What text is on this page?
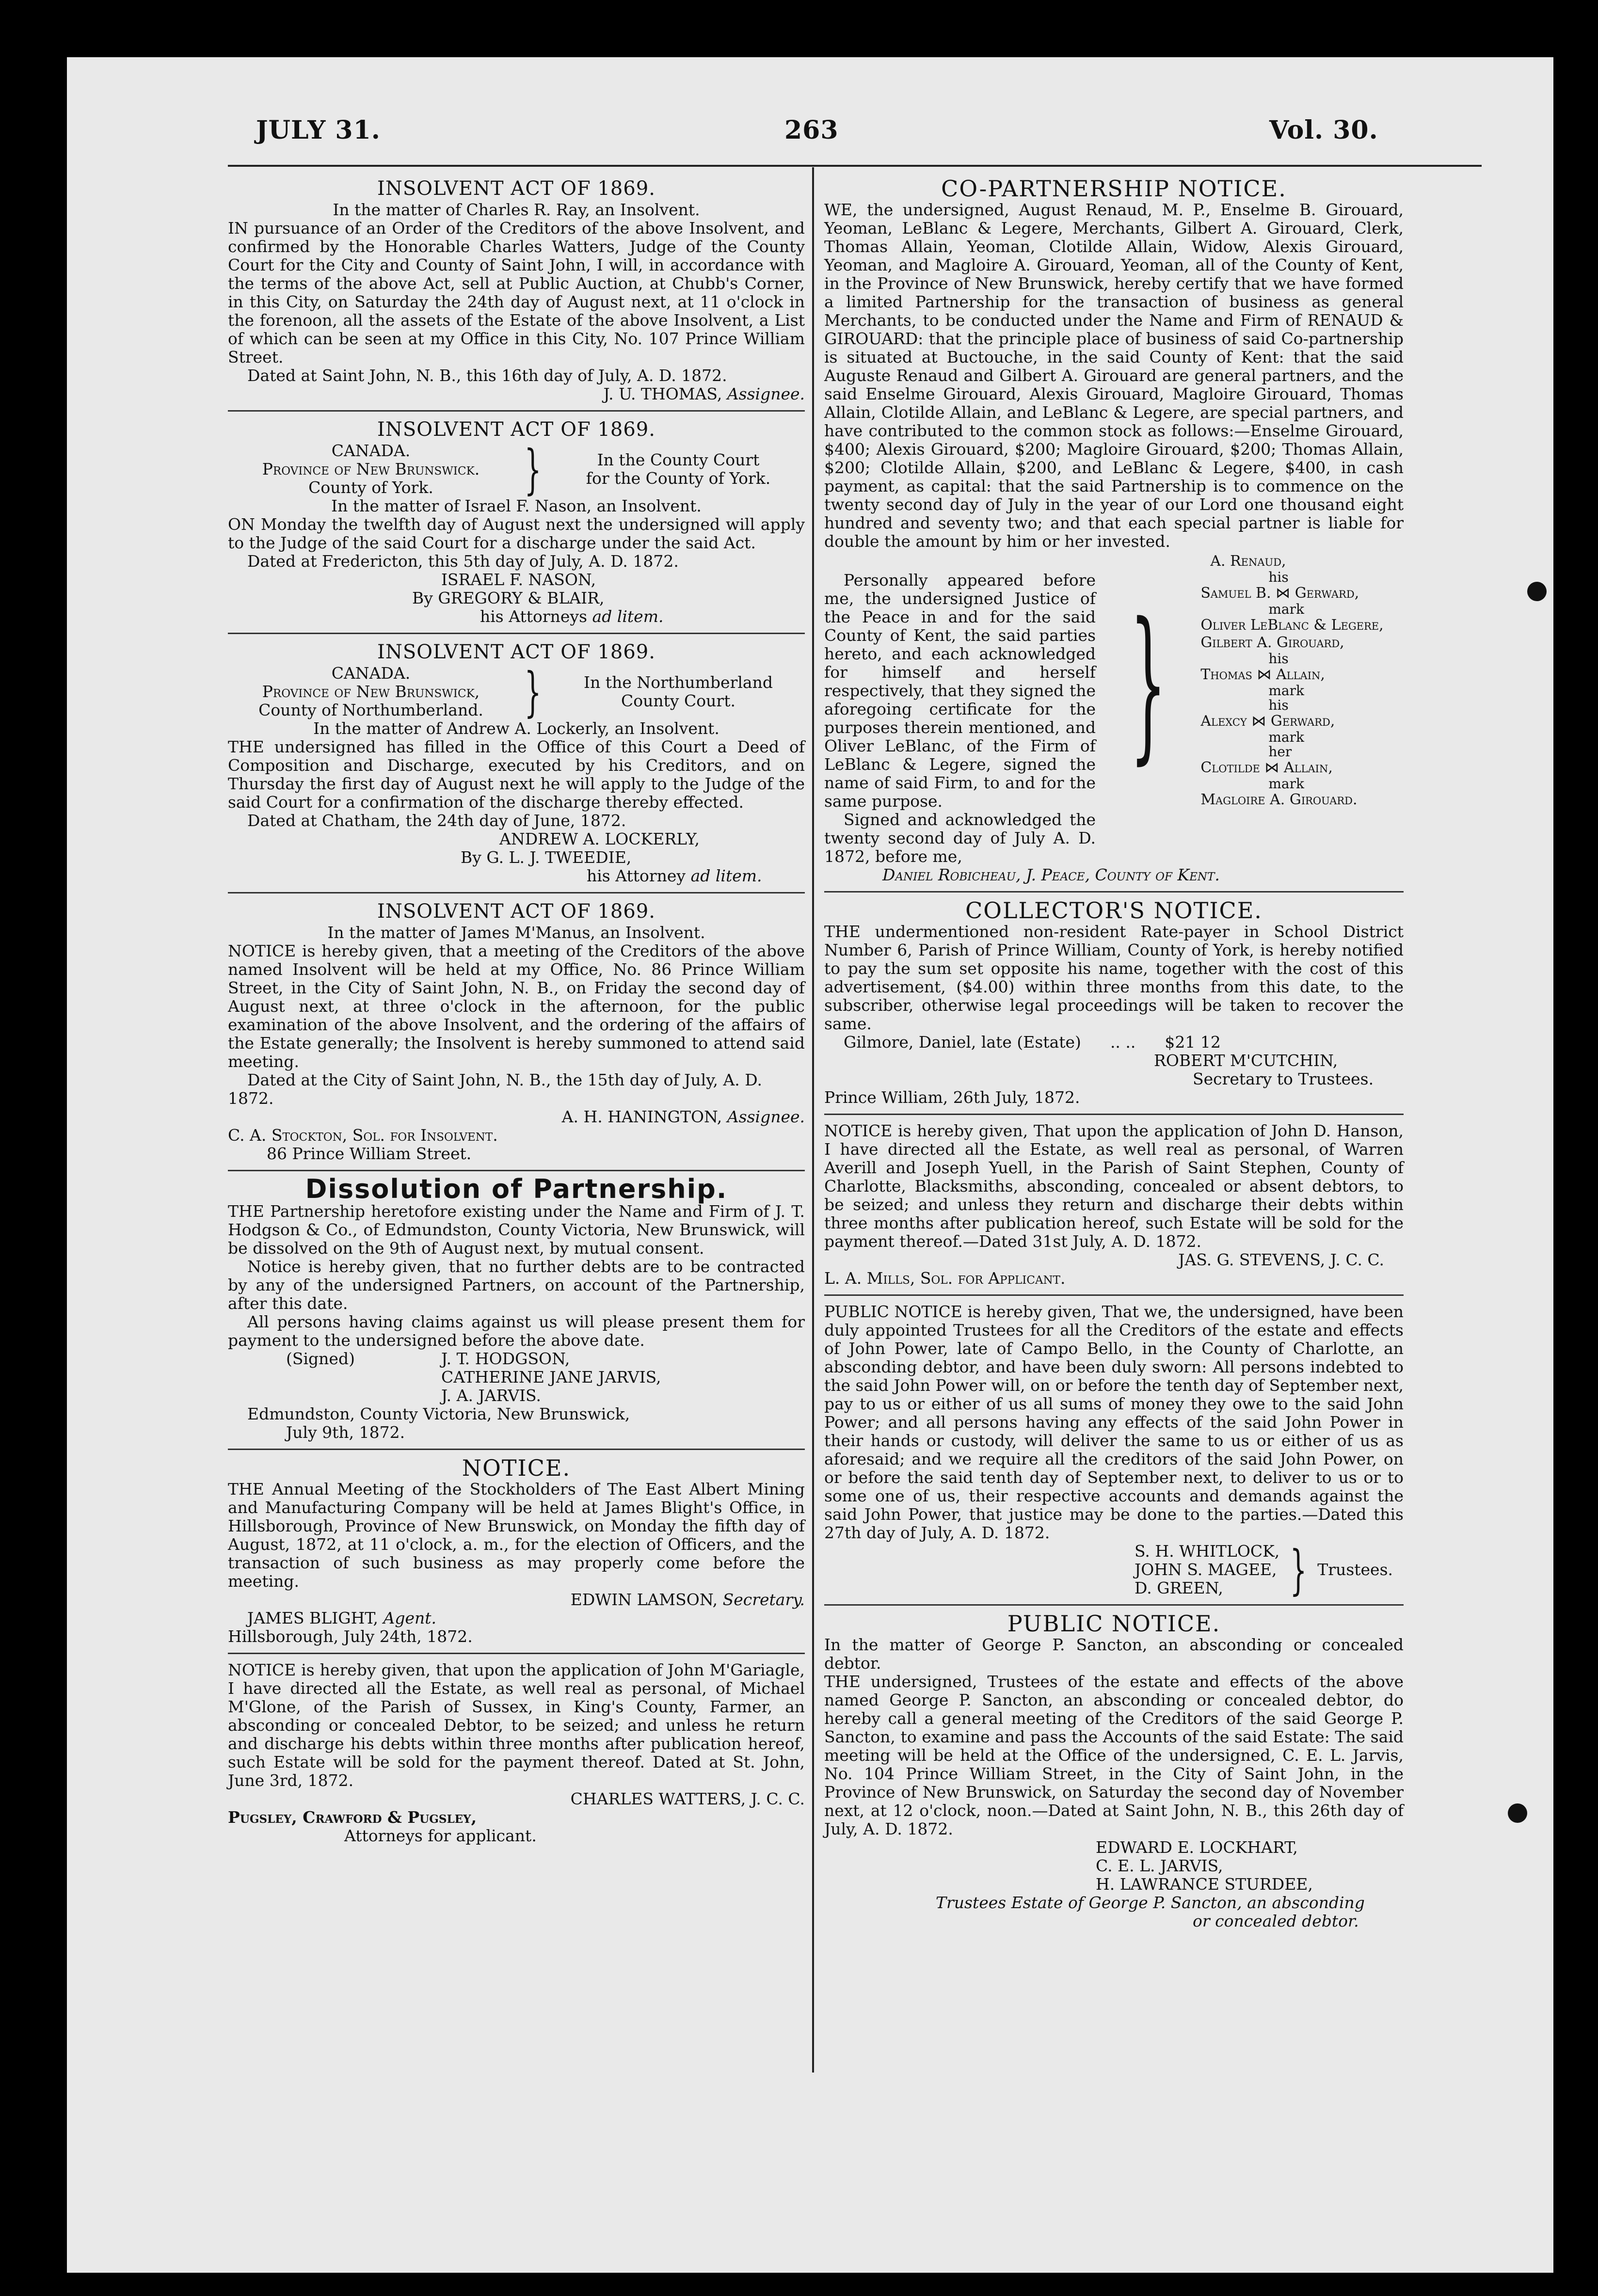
JULY 31.	263	Vol. 30.
INSOLVENT ACT OF 1869.
In the matter of Charles R. Ray, an Insolvent.
IN pursuance of an Order of the Creditors of the above Insolvent, and confirmed by the Honorable Charles Watters, Judge of the County Court for the City and County of Saint John, I will, in accordance with the terms of the above Act, sell at Public Auction, at Chubb's Corner, in this City, on Saturday the 24th day of August next, at 11 o'clock in the forenoon, all the assets of the Estate of the above Insolvent, a List of which can be seen at my Office in this City, No. 107 Prince William Street.
Dated at Saint John, N. B., this 16th day of July, A. D. 1872.
J. U. THOMAS, Assignee.
INSOLVENT ACT OF 1869.
CANADA.
Province of New Brunswick.
County of York.	}	In the County Court
for the County of York.
In the matter of Israel F. Nason, an Insolvent.
ON Monday the twelfth day of August next the undersigned will apply to the Judge of the said Court for a discharge under the said Act.
Dated at Fredericton, this 5th day of July, A. D. 1872.
ISRAEL F. NASON,
By GREGORY & BLAIR,
his Attorneys ad litem.
INSOLVENT ACT OF 1869.
CANADA.
Province of New Brunswick,
County of Northumberland. }	In the Northumberland
County Court.
In the matter of Andrew A. Lockerly, an Insolvent.
THE undersigned has filled in the Office of this Court a Deed of Composition and Discharge, executed by his Creditors, and on Thursday the first day of August next he will apply to the Judge of the said Court for a confirmation of the discharge thereby effected.
Dated at Chatham, the 24th day of June, 1872.
ANDREW A. LOCKERLY,
By G. L. J. TWEEDIE,
his Attorney ad litem.
INSOLVENT ACT OF 1869.
In the matter of James M'Manus, an Insolvent.
NOTICE is hereby given, that a meeting of the Creditors of the above named Insolvent will be held at my Office, No. 86 Prince William Street, in the City of Saint John, N. B., on Friday the second day of August next, at three o'clock in the afternoon, for the public examination of the above Insolvent, and the ordering of the affairs of the Estate generally; the Insolvent is hereby summoned to attend said meeting.
Dated at the City of Saint John, N. B., the 15th day of July, A. D. 1872.
A. H. HANINGTON, Assignee.
C. A. Stockton, Sol. for Insolvent.
86 Prince William Street.
Dissolution of Partnership.
THE Partnership heretofore existing under the Name and Firm of J. T. Hodgson & Co., of Edmundston, County Victoria, New Brunswick, will be dissolved on the 9th of August next, by mutual consent.
Notice is hereby given, that no further debts are to be contracted by any of the undersigned Partners, on account of the Partnership, after this date.
All persons having claims against us will please present them for payment to the undersigned before the above date.
(Signed)	J. T. HODGSON,
CATHERINE JANE JARVIS,
J. A. JARVIS.
Edmundston, County Victoria, New Brunswick,
July 9th, 1872.
NOTICE.
THE Annual Meeting of the Stockholders of The East Albert Mining and Manufacturing Company will be held at James Blight's Office, in Hillsborough, Province of New Brunswick, on Monday the fifth day of August, 1872, at 11 o'clock, a. m., for the election of Officers, and the transaction of such business as may properly come before the meeting.
EDWIN LAMSON, Secretary.
JAMES BLIGHT, Agent.
Hillsborough, July 24th, 1872.
NOTICE is hereby given, that upon the application of John M'Gariagle, I have directed all the Estate, as well real as personal, of Michael M'Glone, of the Parish of Sussex, in King's County, Farmer, an absconding or concealed Debtor, to be seized; and unless he return and discharge his debts within three months after publication hereof, such Estate will be sold for the payment thereof. Dated at St. John, June 3rd, 1872.
CHARLES WATTERS, J. C. C.
Pugsley, Crawford & Pugsley,
Attorneys for applicant.
CO-PARTNERSHIP NOTICE.
WE, the undersigned, August Renaud, M. P., Enselme B. Girouard, Yeoman, LeBlanc & Legere, Merchants, Gilbert A. Girouard, Clerk, Thomas Allain, Yeoman, Clotilde Allain, Widow, Alexis Girouard, Yeoman, and Magloire A. Girouard, Yeoman, all of the County of Kent, in the Province of New Brunswick, hereby certify that we have formed a limited Partnership for the transaction of business as general Merchants, to be conducted under the Name and Firm of RENAUD & GIROUARD: that the principle place of business of said Co-partnership is situated at Buctouche, in the said County of Kent: that the said Auguste Renaud and Gilbert A. Girouard are general partners, and the said Enselme Girouard, Alexis Girouard, Magloire Girouard, Thomas Allain, Clotilde Allain, and LeBlanc & Legere, are special partners, and have contributed to the common stock as follows:—Enselme Girouard, $400; Alexis Girouard, $200; Magloire Girouard, $200; Thomas Allain, $200; Clotilde Allain, $200, and LeBlanc & Legere, $400, in cash payment, as capital: that the said Partnership is to commence on the twenty second day of July in the year of our Lord one thousand eight hundred and seventy two; and that each special partner is liable for double the amount by him or her invested.
Personally appeared before me, the undersigned Justice of the Peace in and for the said County of Kent, the said parties hereto, and each acknowledged for himself and herself respectively, that they signed the aforegoing certificate for the purposes therein mentioned, and Oliver LeBlanc, of the Firm of LeBlanc & Legere, signed the name of said Firm, to and for the same purpose.
Signed and acknowledged the twenty second day of July A. D. 1872, before me,
}
A. Renaud,
his
Samuel B. ⋈ Gerward,
mark
Oliver LeBlanc & Legere,
Gilbert A. Girouard,
his
Thomas ⋈ Allain,
mark
his
Alexcy ⋈ Gerward,
mark
her
Clotilde ⋈ Allain,
mark
Magloire A. Girouard.
Daniel Robicheau, J. Peace, County of Kent.
COLLECTOR'S NOTICE.
THE undermentioned non-resident Rate-payer in School District Number 6, Parish of Prince William, County of York, is hereby notified to pay the sum set opposite his name, together with the cost of this advertisement, ($4.00) within three months from this date, to the subscriber, otherwise legal proceedings will be taken to recover the same.
Gilmore, Daniel, late (Estate) .. .. $21 12
ROBERT M'CUTCHIN,
Secretary to Trustees.
Prince William, 26th July, 1872.
NOTICE is hereby given, That upon the application of John D. Hanson, I have directed all the Estate, as well real as personal, of Warren Averill and Joseph Yuell, in the Parish of Saint Stephen, County of Charlotte, Blacksmiths, absconding, concealed or absent debtors, to be seized; and unless they return and discharge their debts within three months after publication hereof, such Estate will be sold for the payment thereof.—Dated 31st July, A. D. 1872.
JAS. G. STEVENS, J. C. C.
L. A. Mills, Sol. for Applicant.
PUBLIC NOTICE is hereby given, That we, the undersigned, have been duly appointed Trustees for all the Creditors of the estate and effects of John Power, late of Campo Bello, in the County of Charlotte, an absconding debtor, and have been duly sworn: All persons indebted to the said John Power will, on or before the tenth day of September next, pay to us or either of us all sums of money they owe to the said John Power; and all persons having any effects of the said John Power in their hands or custody, will deliver the same to us or either of us as aforesaid; and we require all the creditors of the said John Power, on or before the said tenth day of September next, to deliver to us or to some one of us, their respective accounts and demands against the said John Power, that justice may be done to the parties.—Dated this 27th day of July, A. D. 1872.
S. H. WHITLOCK,
JOHN S. MAGEE,
D. GREEN,	} Trustees.
PUBLIC NOTICE.
In the matter of George P. Sancton, an absconding or concealed debtor.
THE undersigned, Trustees of the estate and effects of the above named George P. Sancton, an absconding or concealed debtor, do hereby call a general meeting of the Creditors of the said George P. Sancton, to examine and pass the Accounts of the said Estate: The said meeting will be held at the Office of the undersigned, C. E. L. Jarvis, No. 104 Prince William Street, in the City of Saint John, in the Province of New Brunswick, on Saturday the second day of November next, at 12 o'clock, noon.—Dated at Saint John, N. B., this 26th day of July, A. D. 1872.
EDWARD E. LOCKHART,
C. E. L. JARVIS,
H. LAWRANCE STURDEE,
Trustees Estate of George P. Sancton, an absconding
or concealed debtor.
